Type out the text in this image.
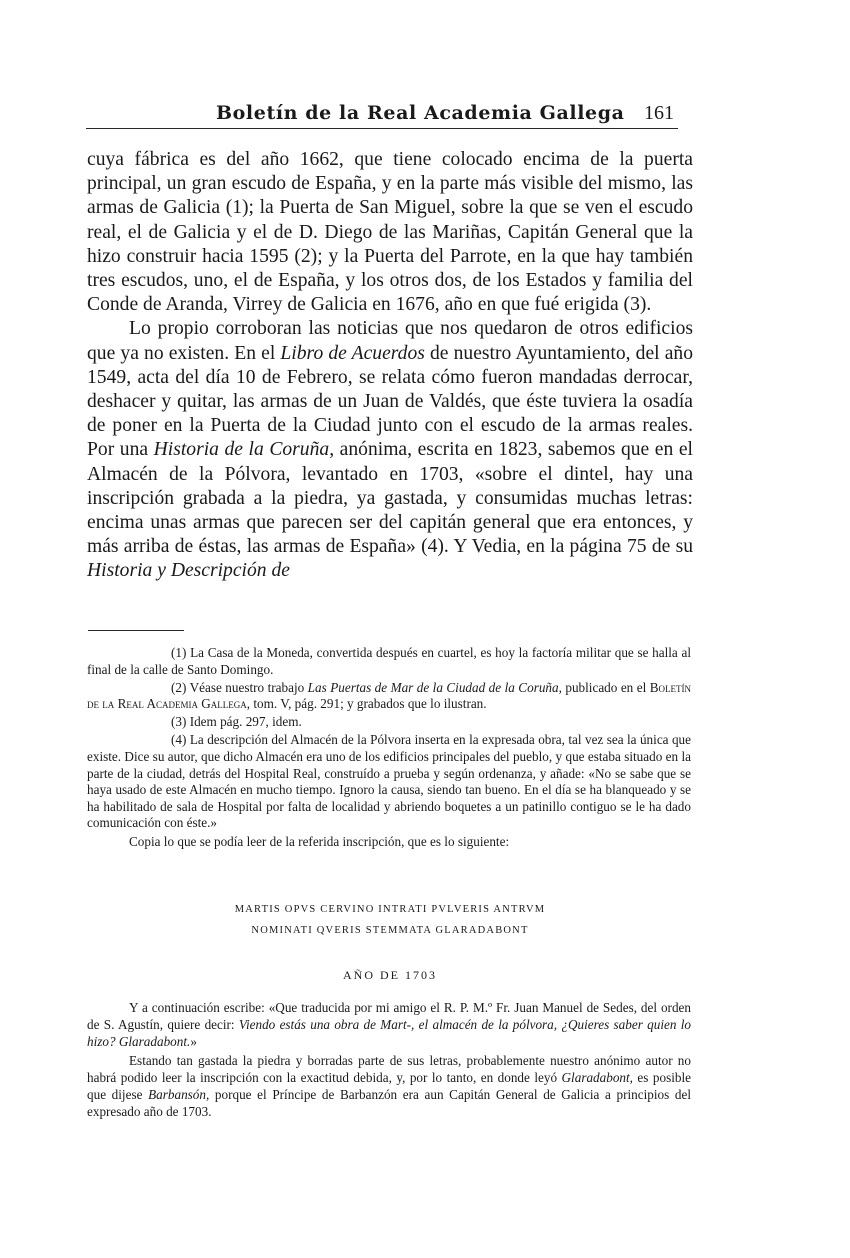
Boletín de la Real Academia Gallega 161

cuya fábrica es del año 1662, que tiene colocado encima de la puerta principal, un gran escudo de España, y en la parte más visible del mismo, las armas de Galicia (1); la Puerta de San Miguel, sobre la que se ven el escudo real, el de Galicia y el de D. Diego de las Mariñas, Capitán General que la hizo construir hacia 1595 (2); y la Puerta del Parrote, en la que hay también tres escudos, uno, el de España, y los otros dos, de los Estados y familia del Conde de Aranda, Virrey de Galicia en 1676, año en que fué erigida (3).

Lo propio corroboran las noticias que nos quedaron de otros edificios que ya no existen. En el Libro de Acuerdos de nuestro Ayuntamiento, del año 1549, acta del día 10 de Febrero, se relata cómo fueron mandadas derrocar, deshacer y quitar, las armas de un Juan de Valdés, que éste tuviera la osadía de poner en la Puerta de la Ciudad junto con el escudo de la armas reales. Por una Historia de la Coruña, anónima, escrita en 1823, sabemos que en el Almacén de la Pólvora, levantado en 1703, «sobre el dintel, hay una inscripción grabada a la piedra, ya gastada, y consumidas muchas letras: encima unas armas que parecen ser del capitán general que era entonces, y más arriba de éstas, las armas de España» (4). Y Vedia, en la página 75 de su Historia y Descripción de

(1) La Casa de la Moneda, convertida después en cuartel, es hoy la factoría militar que se halla al final de la calle de Santo Domingo.

(2) Véase nuestro trabajo Las Puertas de Mar de la Ciudad de la Coruña, publicado en el Boletín de la Real Academia Gallega, tom. V, pág. 291; y grabados que lo ilustran.

(3) Idem pág. 297, idem.

(4) La descripción del Almacén de la Pólvora inserta en la expresada obra, tal vez sea la única que existe. Dice su autor, que dicho Almacén era uno de los edificios principales del pueblo, y que estaba situado en la parte de la ciudad, detrás del Hospital Real, construído a prueba y según ordenanza, y añade: «No se sabe que se haya usado de este Almacén en mucho tiempo. Ignoro la causa, siendo tan bueno. En el día se ha blanqueado y se ha habilitado de sala de Hospital por falta de localidad y abriendo boquetes a un patinillo contiguo se le ha dado comunicación con éste.»

Copia lo que se podía leer de la referida inscripción, que es lo siguiente:

MARTIS OPVS CERVINO INTRATI PVLVERIS ANTRVM
NOMINATI QVERIS STEMMATA GLARADABONT
AÑO DE 1703

Y a continuación escribe: «Que traducida por mi amigo el R. P. M.º Fr. Juan Manuel de Sedes, del orden de S. Agustín, quiere decir: Viendo estás una obra de Mart-, el almacén de la pólvora, ¿Quieres saber quien lo hizo? Glaradabont.»

Estando tan gastada la piedra y borradas parte de sus letras, probablemente nuestro anónimo autor no habrá podido leer la inscripción con la exactitud debida, y, por lo tanto, en donde leyó Glaradabont, es posible que dijese Barbansón, porque el Príncipe de Barbanzón era aun Capitán General de Galicia a principios del expresado año de 1703.
